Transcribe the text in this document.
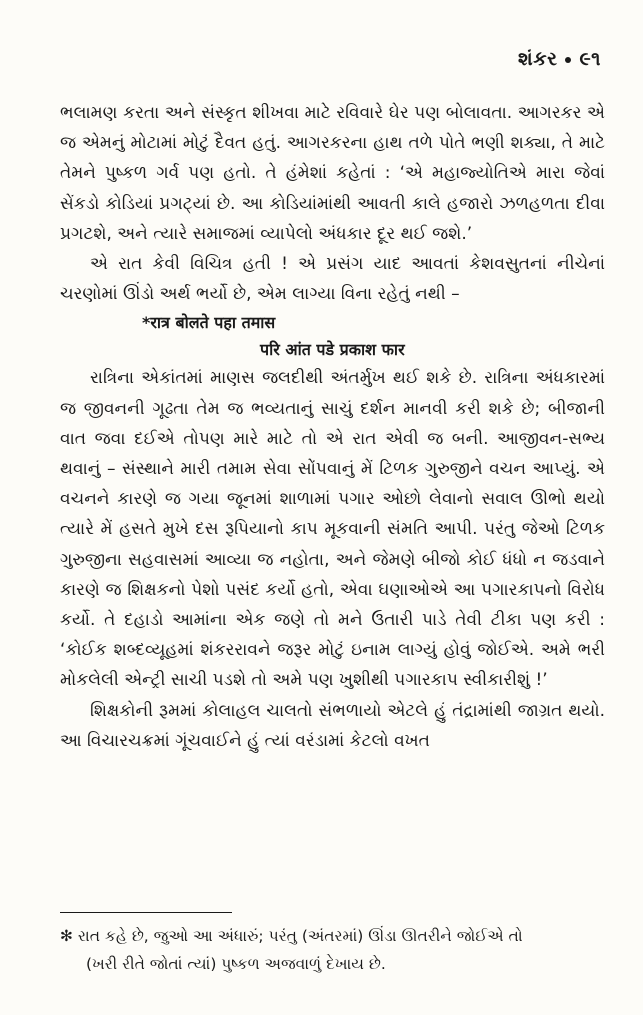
શંકર ૯૧

ભલામણ કરતા અને સંસ્કૃત શીખવા માટે રવિવારે ઘેર પણ બોલાવતા. આગરકર એ જ એમનું મોટામાં મોટું દૈવત હતું. આગરકરના હાથ તળે પોતે ભણી શક્યા, તે માટે તેમને પુષ્કળ ગર્વ પણ હતો. તે હંમેશાં કહેતાં : ‘એ મહાજ્યોતિએ મારા જેવાં સેંકડો કોડિયાં પ્રગટ્યાં છે. આ કોડિયાંમાંથી આવતી કાલે હજારો ઝળહળતા દીવા પ્રગટશે, અને ત્યારે સમાજમાં વ્યાપેલો અંધકાર દૂર થઈ જશે.’

એ રાત કેવી વિચિત્ર હતી ! એ પ્રસંગ યાદ આવતાં કેશવસુતનાં નીચેનાં ચરણોમાં ઊંડો અર્થ ભર્યો છે, એમ લાગ્યા વિના રહેતું નથી –

*रात्र बोलते पहा तमास

परि आंत पडे प्रकाश फार

રાત્રિના એકાંતમાં માણસ જલદીથી અંતર્મુખ થઈ શકે છે. રાત્રિના અંધકારમાં જ જીવનની ગૂઢતા તેમ જ ભવ્યતાનું સાચું દર્શન માનવી કરી શકે છે; બીજાની વાત જવા દઈએ તોપણ મારે માટે તો એ રાત એવી જ બની. આજીવન-સભ્ય થવાનું – સંસ્થાને મારી તમામ સેવા સોંપવાનું મેં ટિળક ગુરુજીને વચન આપ્યું. એ વચનને કારણે જ ગયા જૂનમાં શાળામાં પગાર ઓછો લેવાનો સવાલ ઊભો થયો ત્યારે મેં હસતે મુખે દસ રૂપિયાનો કાપ મૂકવાની સંમતિ આપી. પરંતુ જેઓ ટિળક ગુરુજીના સહવાસમાં આવ્યા જ નહોતા, અને જેમણે બીજો કોઈ ધંધો ન જડવાને કારણે જ શિક્ષકનો પેશો પસંદ કર્યો હતો, એવા ઘણાઓએ આ પગારકાપનો વિરોધ કર્યો. તે દહાડો આમાંના એક જણે તો મને ઉતારી પાડે તેવી ટીકા પણ કરી : ‘કોઈક શબ્દવ્યૂહમાં શંકરરાવને જરૂર મોટું ઇનામ લાગ્યું હોવું જોઈએ. અમે ભરી મોકલેલી એન્ટ્રી સાચી પડશે તો અમે પણ ખુશીથી પગારકાપ સ્વીકારીશું !’

શિક્ષકોની રૂમમાં કોલાહલ ચાલતો સંભળાયો એટલે હું તંદ્રામાંથી જાગ્રત થયો. આ વિચારચક્રમાં ગૂંચવાઈને હું ત્યાં વરંડામાં કેટલો વખત

✻ રાત કહે છે, જુઓ આ અંધારું; પરંતુ (અંતરમાં) ઊંડા ઊતરીને જોઈએ તો
(ખરી રીતે જોતાં ત્યાં) પુષ્કળ અજવાળું દેખાય છે.
